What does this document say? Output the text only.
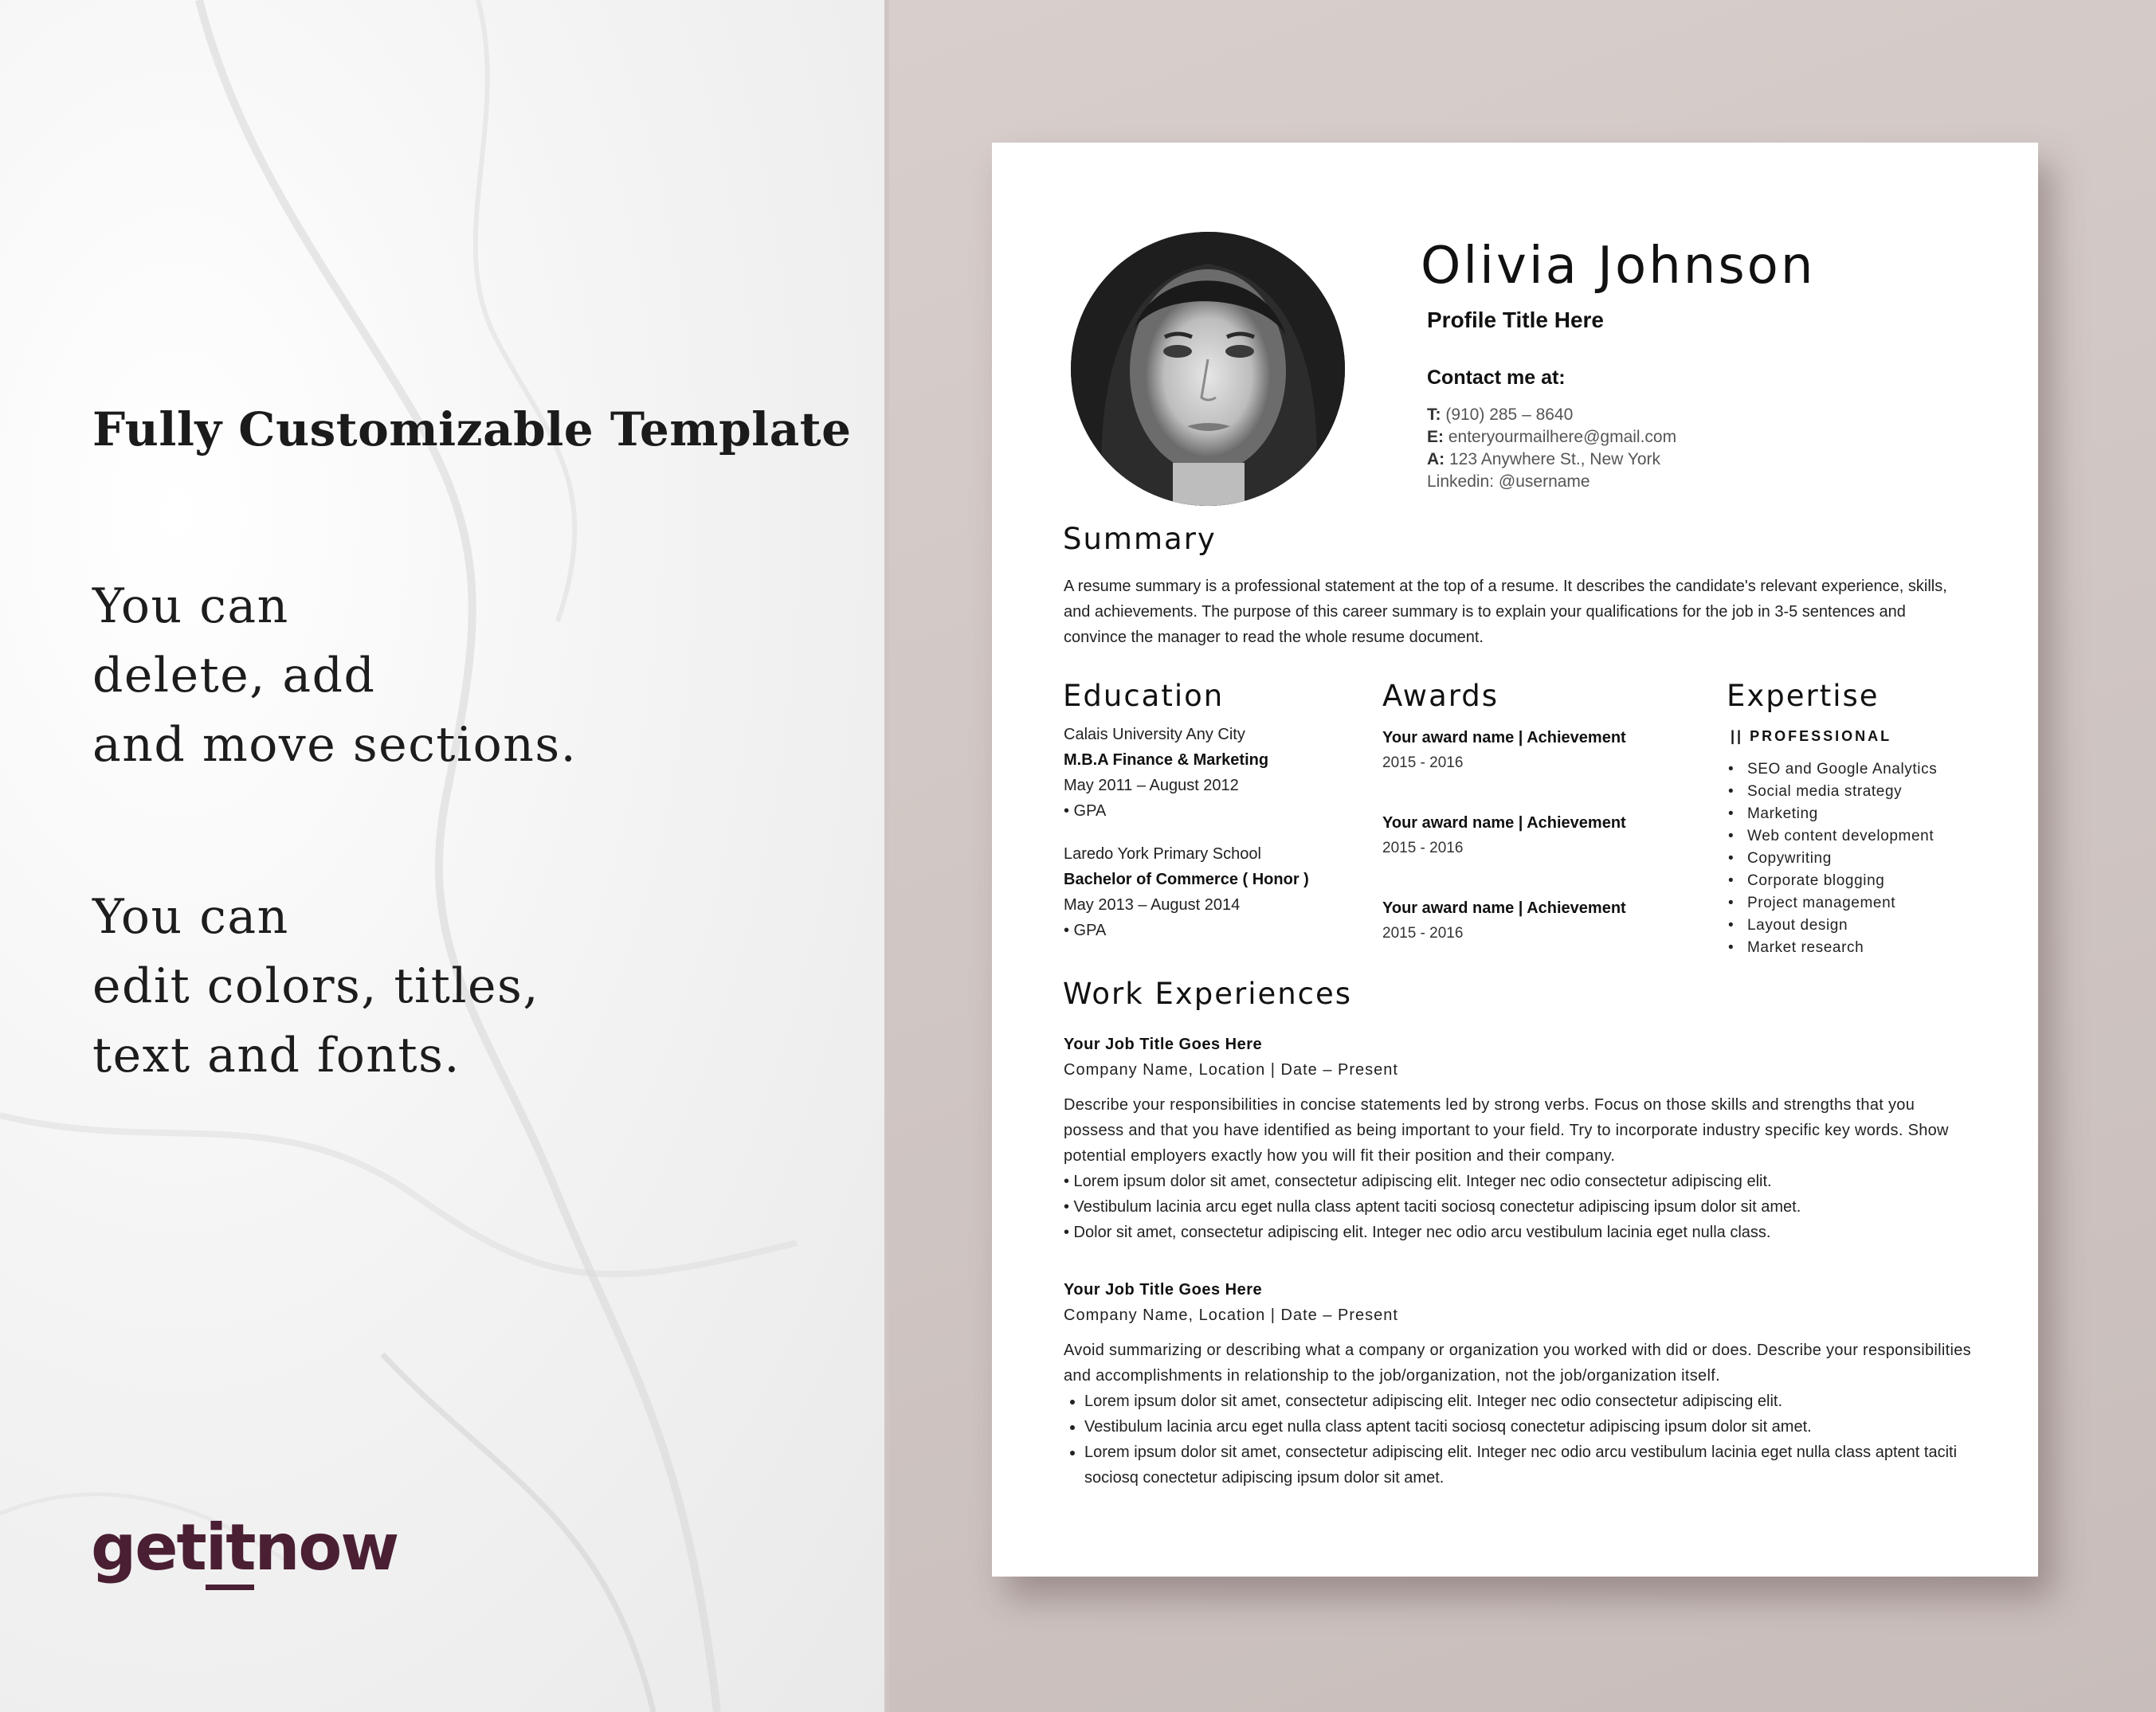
Fully Customizable Template
You can
delete, add
and move sections.
You can
edit colors, titles,
text and fonts.
getitnow
Olivia Johnson
Profile Title Here
Contact me at:
T: (910) 285 – 8640
E: enteryourmailhere@gmail.com
A: 123 Anywhere St., New York
Linkedin: @username
Summary
A resume summary is a professional statement at the top of a resume. It describes the candidate's relevant experience, skills, and achievements. The purpose of this career summary is to explain your qualifications for the job in 3-5 sentences and convince the manager to read the whole resume document.
Education
Calais University Any City
M.B.A Finance & Marketing
May 2011 – August 2012
• GPA
Laredo York Primary School
Bachelor of Commerce ( Honor )
May 2013 – August 2014
• GPA
Awards
Your award name | Achievement
2015 - 2016
Your award name | Achievement
2015 - 2016
Your award name | Achievement
2015 - 2016
Expertise
|| PROFESSIONAL
• SEO and Google Analytics
• Social media strategy
• Marketing
• Web content development
• Copywriting
• Corporate blogging
• Project management
• Layout design
• Market research
Work Experiences
Your Job Title Goes Here
Company Name, Location | Date – Present
Describe your responsibilities in concise statements led by strong verbs. Focus on those skills and strengths that you possess and that you have identified as being important to your field. Try to incorporate industry specific key words. Show potential employers exactly how you will fit their position and their company.
• Lorem ipsum dolor sit amet, consectetur adipiscing elit. Integer nec odio consectetur adipiscing elit.
• Vestibulum lacinia arcu eget nulla class aptent taciti sociosq conectetur adipiscing ipsum dolor sit amet.
• Dolor sit amet, consectetur adipiscing elit. Integer nec odio arcu vestibulum lacinia eget nulla class.
Your Job Title Goes Here
Company Name, Location | Date – Present
Avoid summarizing or describing what a company or organization you worked with did or does. Describe your responsibilities and accomplishments in relationship to the job/organization, not the job/organization itself.
• Lorem ipsum dolor sit amet, consectetur adipiscing elit. Integer nec odio consectetur adipiscing elit.
• Vestibulum lacinia arcu eget nulla class aptent taciti sociosq conectetur adipiscing ipsum dolor sit amet.
• Lorem ipsum dolor sit amet, consectetur adipiscing elit. Integer nec odio arcu vestibulum lacinia eget nulla class aptent taciti sociosq conectetur adipiscing ipsum dolor sit amet.
